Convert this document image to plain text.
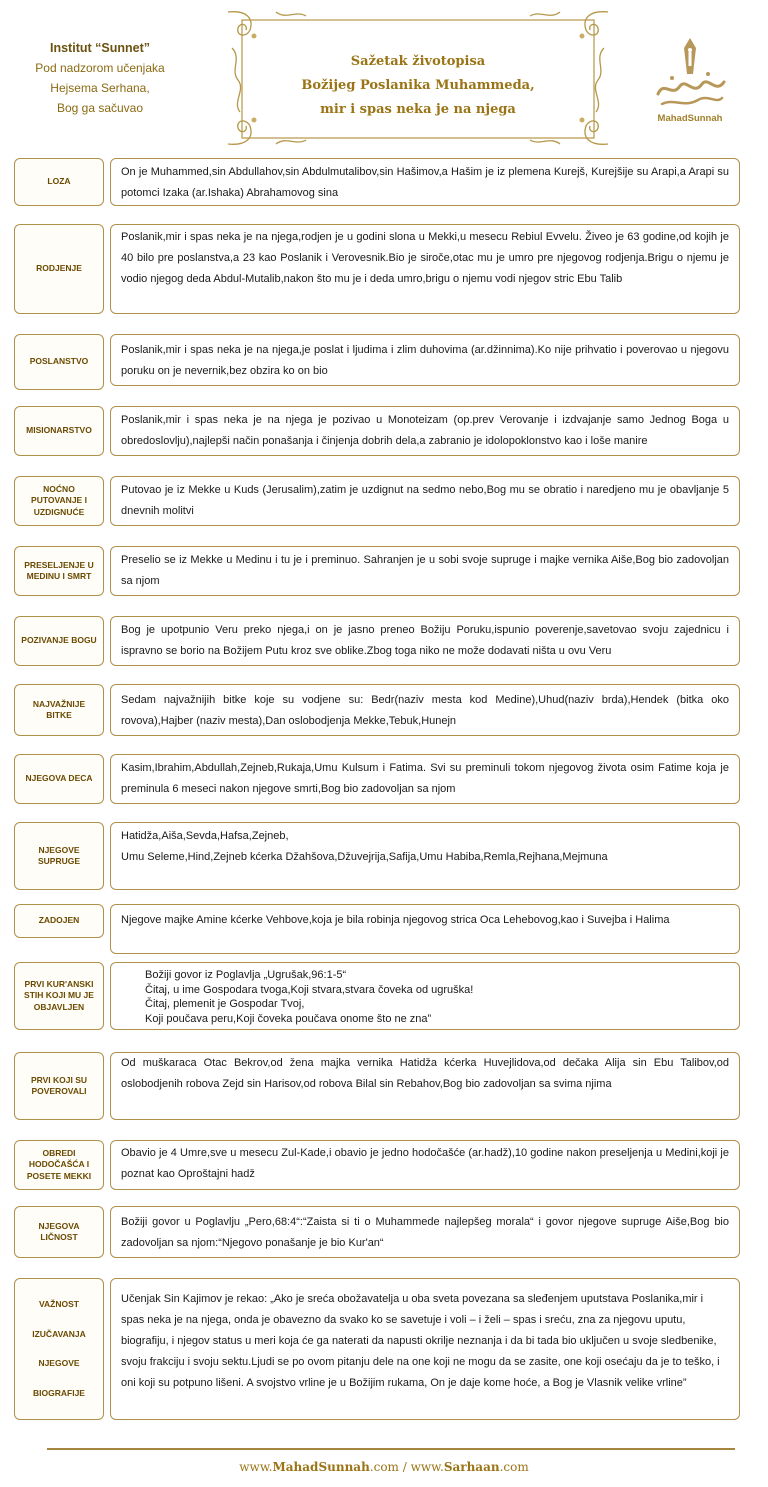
Institut “Sunnet”
Pod nadzorom učenjaka
Hejsema Serhana,
Bog ga sačuvao
Sažetak životopisa
Božijeg Poslanika Muhammeda,
mir i spas neka je na njega
MahadSunnah
LOZA
On je Muhammed,sin Abdullahov,sin Abdulmutalibov,sin Hašimov,a Hašim je iz plemena Kurejš, Kurejšije su Arapi,a Arapi su potomci Izaka (ar.Ishaka) Abrahamovog sina
RODJENJE
Poslanik,mir i spas neka je na njega,rodjen je u godini slona u Mekki,u mesecu Rebiul Evvelu. Živeo je 63 godine,od kojih je 40 bilo pre poslanstva,a 23 kao Poslanik i Verovesnik.Bio je siroče,otac mu je umro pre njegovog rodjenja.Brigu o njemu je vodio njegog deda Abdul-Mutalib,nakon što mu je i deda umro,brigu o njemu vodi njegov stric Ebu Talib
POSLANSTVO
Poslanik,mir i spas neka je na njega,je poslat i ljudima i zlim duhovima (ar.džinnima).Ko nije prihvatio i poverovao u njegovu poruku on je nevernik,bez obzira ko on bio
MISIONARSTVO
Poslanik,mir i spas neka je na njega je pozivao u Monoteizam (op.prev Verovanje i izdvajanje samo Jednog Boga u obredoslovlju),najlepši način ponašanja i činjenja dobrih dela,a zabranio je idolopoklonstvo kao i loše manire
NOĆNO PUTOVANJE I UZDIGNUĆE
Putovao je iz Mekke u Kuds (Jerusalim),zatim je uzdignut na sedmo nebo,Bog mu se obratio i naredjeno mu je obavljanje 5 dnevnih molitvi
PRESELJENJE U MEDINU I SMRT
Preselio se iz Mekke u Medinu i tu je i preminuo. Sahranjen je u sobi svoje supruge i majke vernika Aiše,Bog bio zadovoljan sa njom
POZIVANJE BOGU
Bog je upotpunio Veru preko njega,i on je jasno preneo Božiju Poruku,ispunio poverenje,savetovao svoju zajednicu i ispravno se borio na Božijem Putu kroz sve oblike.Zbog toga niko ne može dodavati ništa u ovu Veru
NAJVAŽNIJE BITKE
Sedam najvažnijih bitke koje su vodjene su: Bedr(naziv mesta kod Medine),Uhud(naziv brda),Hendek (bitka oko rovova),Hajber (naziv mesta),Dan oslobodjenja Mekke,Tebuk,Hunejn
NJEGOVA DECA
Kasim,Ibrahim,Abdullah,Zejneb,Rukaja,Umu Kulsum i Fatima. Svi su preminuli tokom njegovog života osim Fatime koja je preminula 6 meseci nakon njegove smrti,Bog bio zadovoljan sa njom
NJEGOVE SUPRUGE
Hatidža,Aiša,Sevda,Hafsa,Zejneb,
Umu Seleme,Hind,Zejneb kćerka Džahšova,Džuvejrija,Safija,Umu Habiba,Remla,Rejhana,Mejmuna
ZADOJEN	Njegove majke Amine kćerke Vehbove,koja je bila robinja njegovog strica Oca Lehebovog,kao i Suvejba i Halima
PRVI KUR'ANSKI STIH KOJI MU JE OBJAVLJEN
Božiji govor iz Poglavlja „Ugrušak,96:1-5“
Čitaj, u ime Gospodara tvoga,Koji stvara,stvara čoveka od ugruška!
Čitaj, plemenit je Gospodar Tvoj,
Koji poučava peru,Koji čoveka poučava onome što ne zna”
PRVI KOJI SU POVEROVALI
Od muškaraca Otac Bekrov,od žena majka vernika Hatidža kćerka Huvejlidova,od dečaka Alija sin Ebu Talibov,od oslobodjenih robova Zejd sin Harisov,od robova Bilal sin Rebahov,Bog bio zadovoljan sa svima njima
OBREDI HODOČAŠĆA I POSETE MEKKI
Obavio je 4 Umre,sve u mesecu Zul-Kade,i obavio je jedno hodočašće (ar.hadž),10 godine nakon preseljenja u Medini,koji je poznat kao Oproštajni hadž
NJEGOVA LIČNOST
Božiji govor u Poglavlju „Pero,68:4“:“Zaista si ti o Muhammede najlepšeg morala“ i govor njegove supruge Aiše,Bog bio zadovoljan sa njom:“Njegovo ponašanje je bio Kur'an“
VAŽNOST
IZUČAVANJA
NJEGOVE
BIOGRAFIJE
Učenjak Sin Kajimov je rekao: „Ako je sreća obožavatelja u oba sveta povezana sa slеđenjem uputstava Poslanika,mir i spas neka je na njega, onda je obavezno da svako ko se savetuje i voli – i želi – spas i sreću, zna za njegovu uputu, biografiju, i njegov status u meri koja će ga naterati da napusti okrilje neznanja i da bi tada bio uključen u svoje sledbenike, svoju frakciju i svoju sektu.Ljudi se po ovom pitanju dele na one koji ne mogu da se zasite, one koji osećaju da je to teško, i oni koji su potpuno lišeni. A svojstvo vrline je u Božijim rukama, On je daje kome hoće, a Bog je Vlasnik velike vrline”
www.MahadSunnah.com / www.Sarhaan.com
